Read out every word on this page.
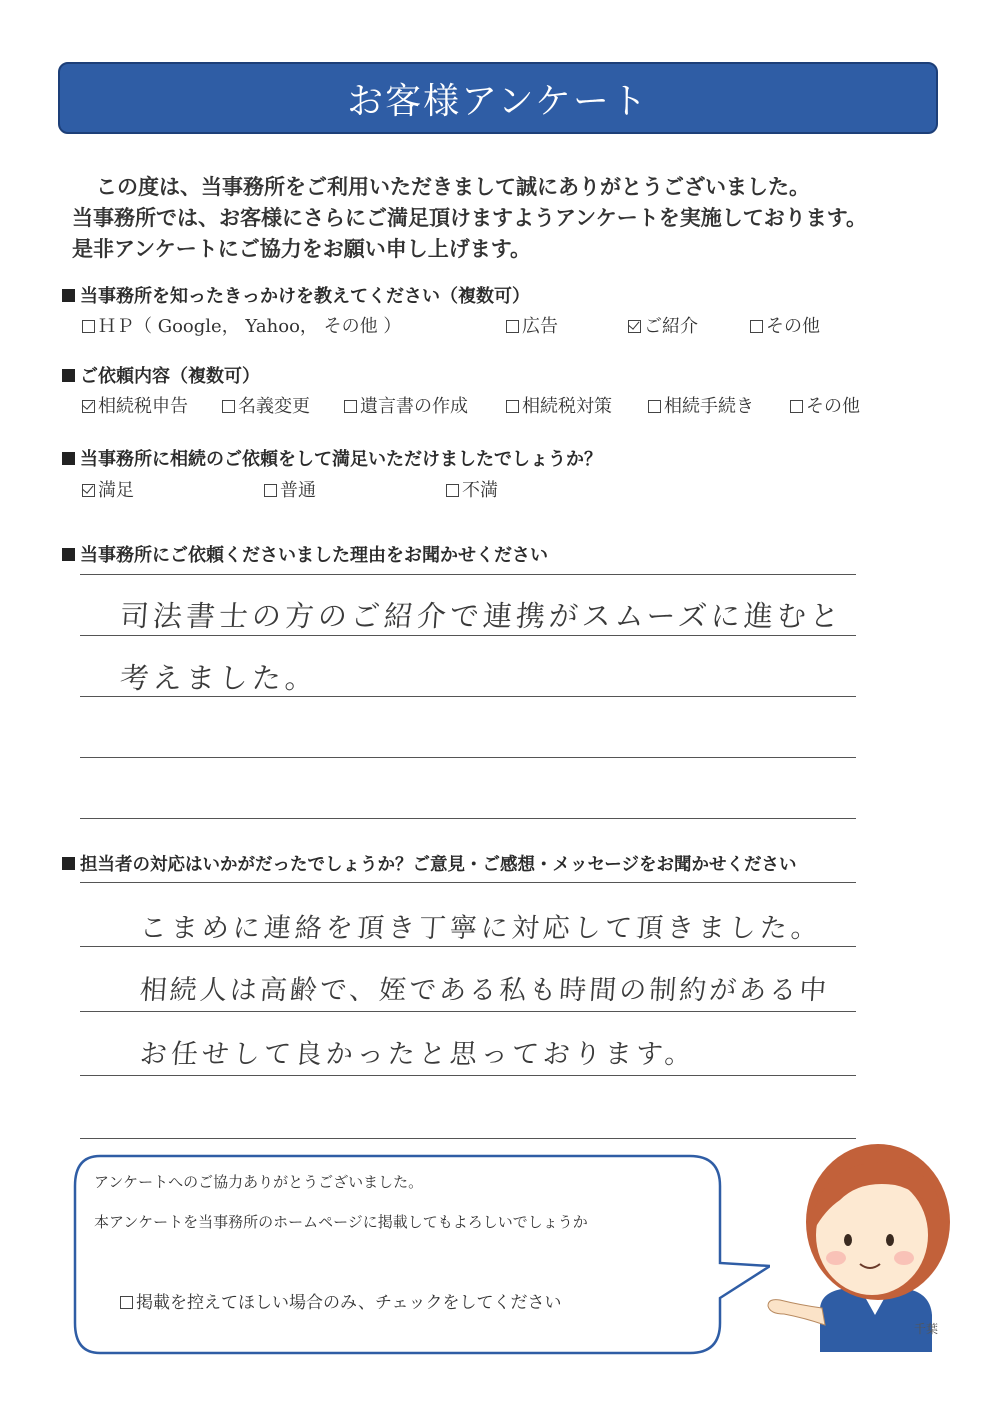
お客様アンケート
この度は、当事務所をご利用いただきまして誠にありがとうございました。
当事務所では、お客様にさらにご満足頂けますようアンケートを実施しております。
是非アンケートにご協力をお願い申し上げます。
当事務所を知ったきっかけを教えてください（複数可）
ＨＰ（ Google， Yahoo， その他 ）	広告	ご紹介	その他
ご依頼内容（複数可）
相続税申告	名義変更	遺言書の作成	相続税対策	相続手続き	その他
当事務所に相続のご依頼をして満足いただけましたでしょうか？
満足	普通	不満
当事務所にご依頼くださいました理由をお聞かせください
司法書士の方のご紹介で連携がスムーズに進むと
考えました。
担当者の対応はいかがだったでしょうか？ご意見・ご感想・メッセージをお聞かせください
こまめに連絡を頂き丁寧に対応して頂きました。
相続人は高齢で、姪である私も時間の制約がある中
お任せして良かったと思っております。
アンケートへのご協力ありがとうございました。
本アンケートを当事務所のホームページに掲載してもよろしいでしょうか
掲載を控えてほしい場合のみ、チェックをしてください
千葉
